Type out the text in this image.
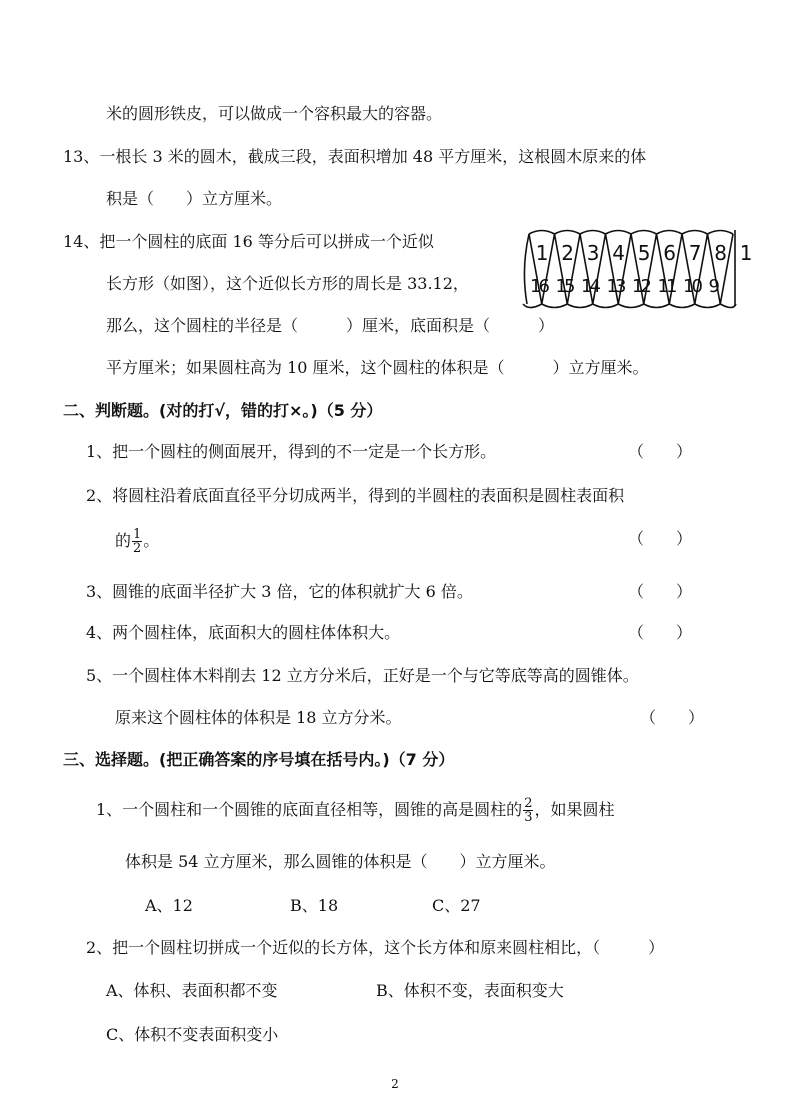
米的圆形铁皮，可以做成一个容积最大的容器。
13、一根长 3 米的圆木，截成三段，表面积增加 48 平方厘米，这根圆木原来的体
积是（　　）立方厘米。
14、把一个圆柱的底面 16 等分后可以拼成一个近似
长方形（如图），这个近似长方形的周长是 33.12，
那么，这个圆柱的半径是（　　　）厘米，底面积是（　　　）
平方厘米；如果圆柱高为 10 厘米，这个圆柱的体积是（　　　）立方厘米。
1 2 3 4 5 6 7 8 1
16 15 14 13 12 11 10 9
二、判断题。(对的打√，错的打×。)（5 分）
1、把一个圆柱的侧面展开，得到的不一定是一个长方形。	（　　）
2、将圆柱沿着底面直径平分切成两半，得到的半圆柱的表面积是圆柱表面积
的 $\frac{1}{2}$ 。	（　　）
3、圆锥的底面半径扩大 3 倍，它的体积就扩大 6 倍。	（　　）
4、两个圆柱体，底面积大的圆柱体体积大。	（　　）
5、一个圆柱体木料削去 12 立方分米后，正好是一个与它等底等高的圆锥体。
原来这个圆柱体的体积是 18 立方分米。	（　　）
三、选择题。(把正确答案的序号填在括号内。)（7 分）
1、一个圆柱和一个圆锥的底面直径相等，圆锥的高是圆柱的 $\frac{2}{3}$ ，如果圆柱
体积是 54 立方厘米，那么圆锥的体积是（　　）立方厘米。
A、12	B、18	C、27
2、把一个圆柱切拼成一个近似的长方体，这个长方体和原来圆柱相比，（　　　）
A、体积、表面积都不变	B、体积不变，表面积变大
C、体积不变表面积变小
2
